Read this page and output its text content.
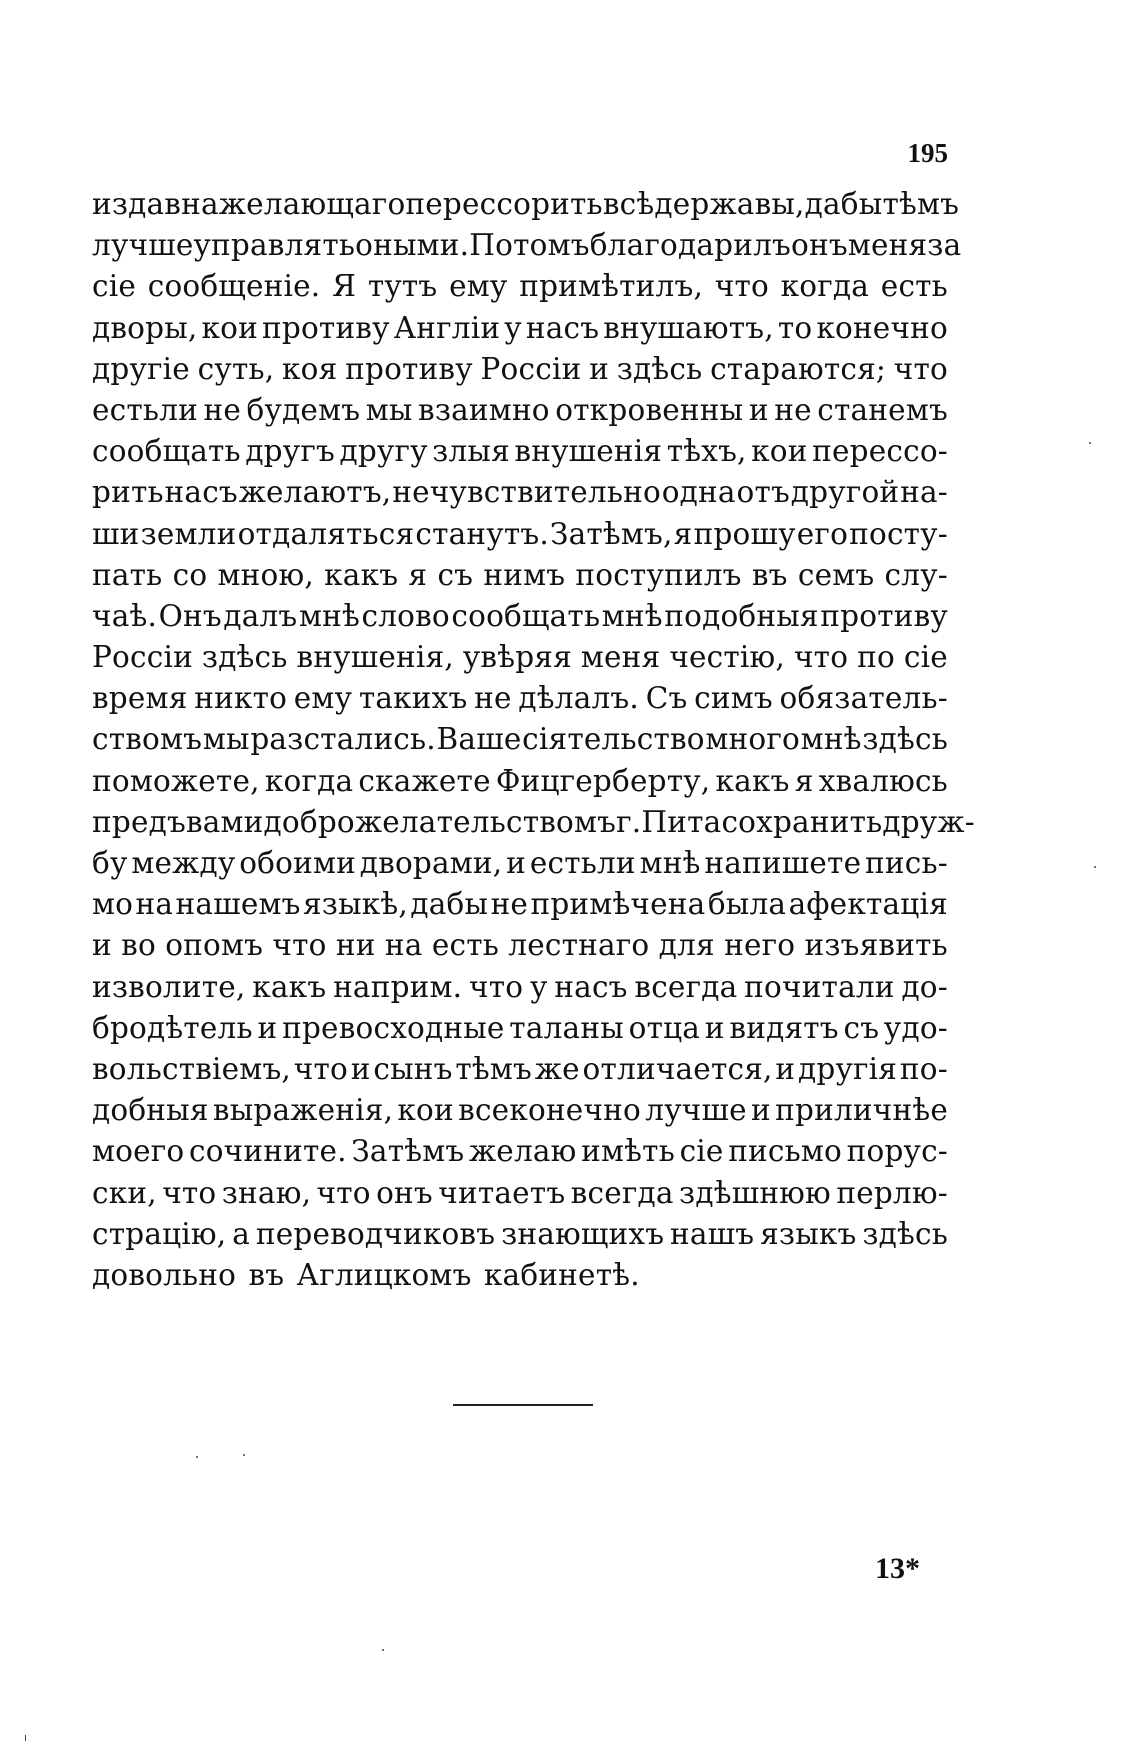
195
издавна желающаго перессорить всѣ державы, дабы тѣмъ
лучше управлять оными. Потомъ благодарилъ онъ меня за
сіе сообщеніе. Я тутъ ему примѣтилъ, что когда есть
дворы, кои противу Англіи у насъ внушаютъ, то конечно
другіе суть, коя противу Россіи и здѣсь стараются; что
естьли не будемъ мы взаимно откровенны и не станемъ
сообщать другъ другу злыя внушенія тѣхъ, кои перессо-
рить насъ желаютъ, нечувствительно одна отъ другой на-
ши земли отдаляться станутъ. Затѣмъ, я прошу его посту-
пать со мною, какъ я съ нимъ поступилъ въ семъ слу-
чаѣ. Онъ далъ мнѣ слово сообщать мнѣ подобныя противу
Россіи здѣсь внушенія, увѣряя меня честію, что по сіе
время никто ему такихъ не дѣлалъ. Съ симъ обязатель-
ствомъ мы разстались. Ваше сіятельство много мнѣ здѣсь
поможете, когда скажете Фицгерберту, какъ я хвалюсь
предъ вами доброжелательствомъ г. Пита сохранить друж-
бу между обоими дворами, и естьли мнѣ напишете пись-
мо на нашемъ языкѣ, дабы не примѣчена была афектація
и во опомъ что ни на есть лестнаго для него изъявить
изволите, какъ наприм. что у насъ всегда почитали до-
бродѣтель и превосходные таланы отца и видятъ съ удо-
вольствіемъ, что и сынъ тѣмъ же отличается, и другія по-
добныя выраженія, кои всеконечно лучше и приличнѣе
моего сочините. Затѣмъ желаю имѣть сіе письмо порус-
ски, что знаю, что онъ читаетъ всегда здѣшнюю перлю-
страцію, а переводчиковъ знающихъ нашъ языкъ здѣсь
довольно въ Аглицкомъ кабинетѣ.
13*
